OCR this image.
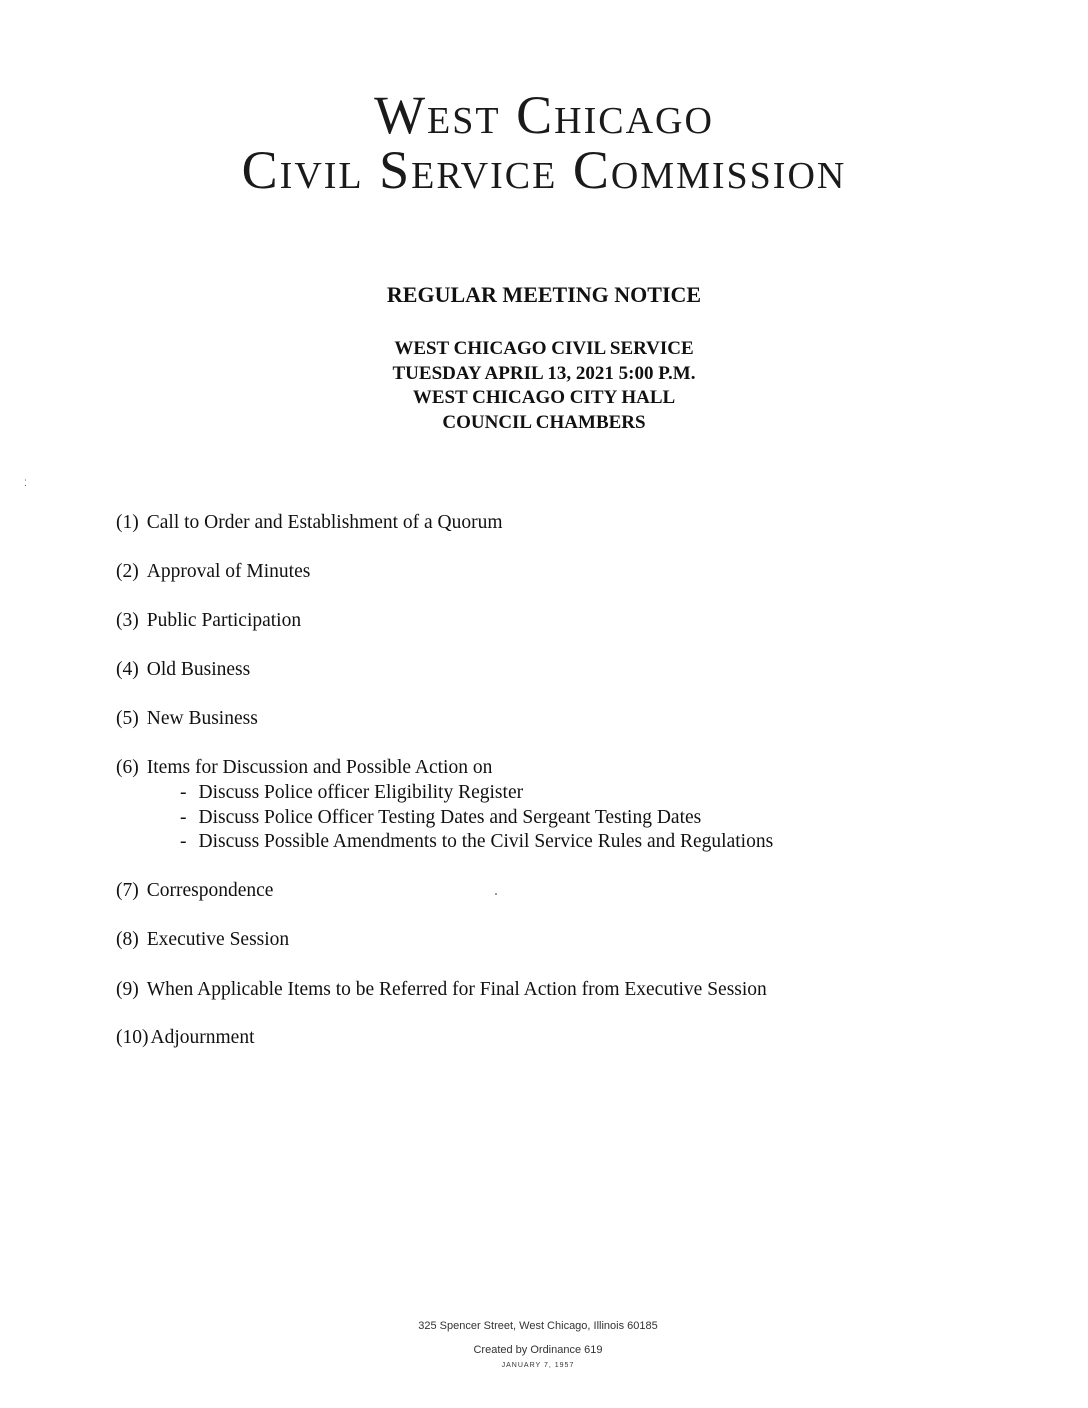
West Chicago
Civil Service Commission
REGULAR MEETING NOTICE
WEST CHICAGO CIVIL SERVICE
TUESDAY APRIL 13, 2021 5:00 P.M.
WEST CHICAGO CITY HALL
COUNCIL CHAMBERS
⁚
(1) Call to Order and Establishment of a Quorum
(2) Approval of Minutes
(3) Public Participation
(4) Old Business
(5) New Business
(6) Items for Discussion and Possible Action on
- Discuss Police officer Eligibility Register
- Discuss Police Officer Testing Dates and Sergeant Testing Dates
- Discuss Possible Amendments to the Civil Service Rules and Regulations
(7) Correspondence
(8) Executive Session
(9) When Applicable Items to be Referred for Final Action from Executive Session
(10) Adjournment
325 Spencer Street, West Chicago, Illinois 60185
Created by Ordinance 619
JANUARY 7, 1957
